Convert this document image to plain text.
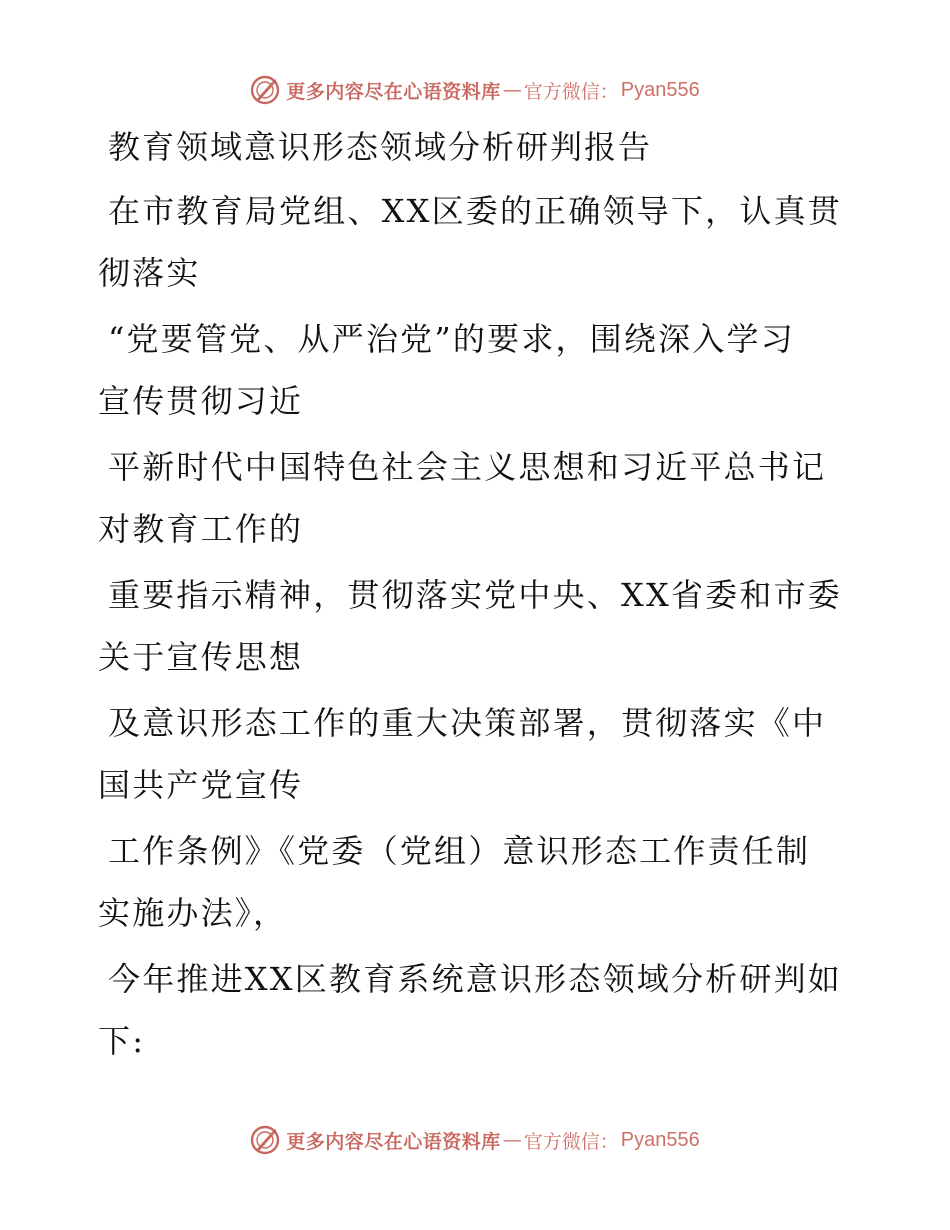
更多内容尽在心语资料库 — 官方微信： Pyan556
教育领域意识形态领域分析研判报告
在市教育局党组、XX区委的正确领导下，认真贯
彻落实
“党要管党、从严治党”的要求，围绕深入学习
宣传贯彻习近
平新时代中国特色社会主义思想和习近平总书记
对教育工作的
重要指示精神，贯彻落实党中央、XX省委和市委
关于宣传思想
及意识形态工作的重大决策部署，贯彻落实《中
国共产党宣传
工作条例》《党委（党组）意识形态工作责任制
实施办法》，
今年推进XX区教育系统意识形态领域分析研判如
下:
更多内容尽在心语资料库 — 官方微信： Pyan556
